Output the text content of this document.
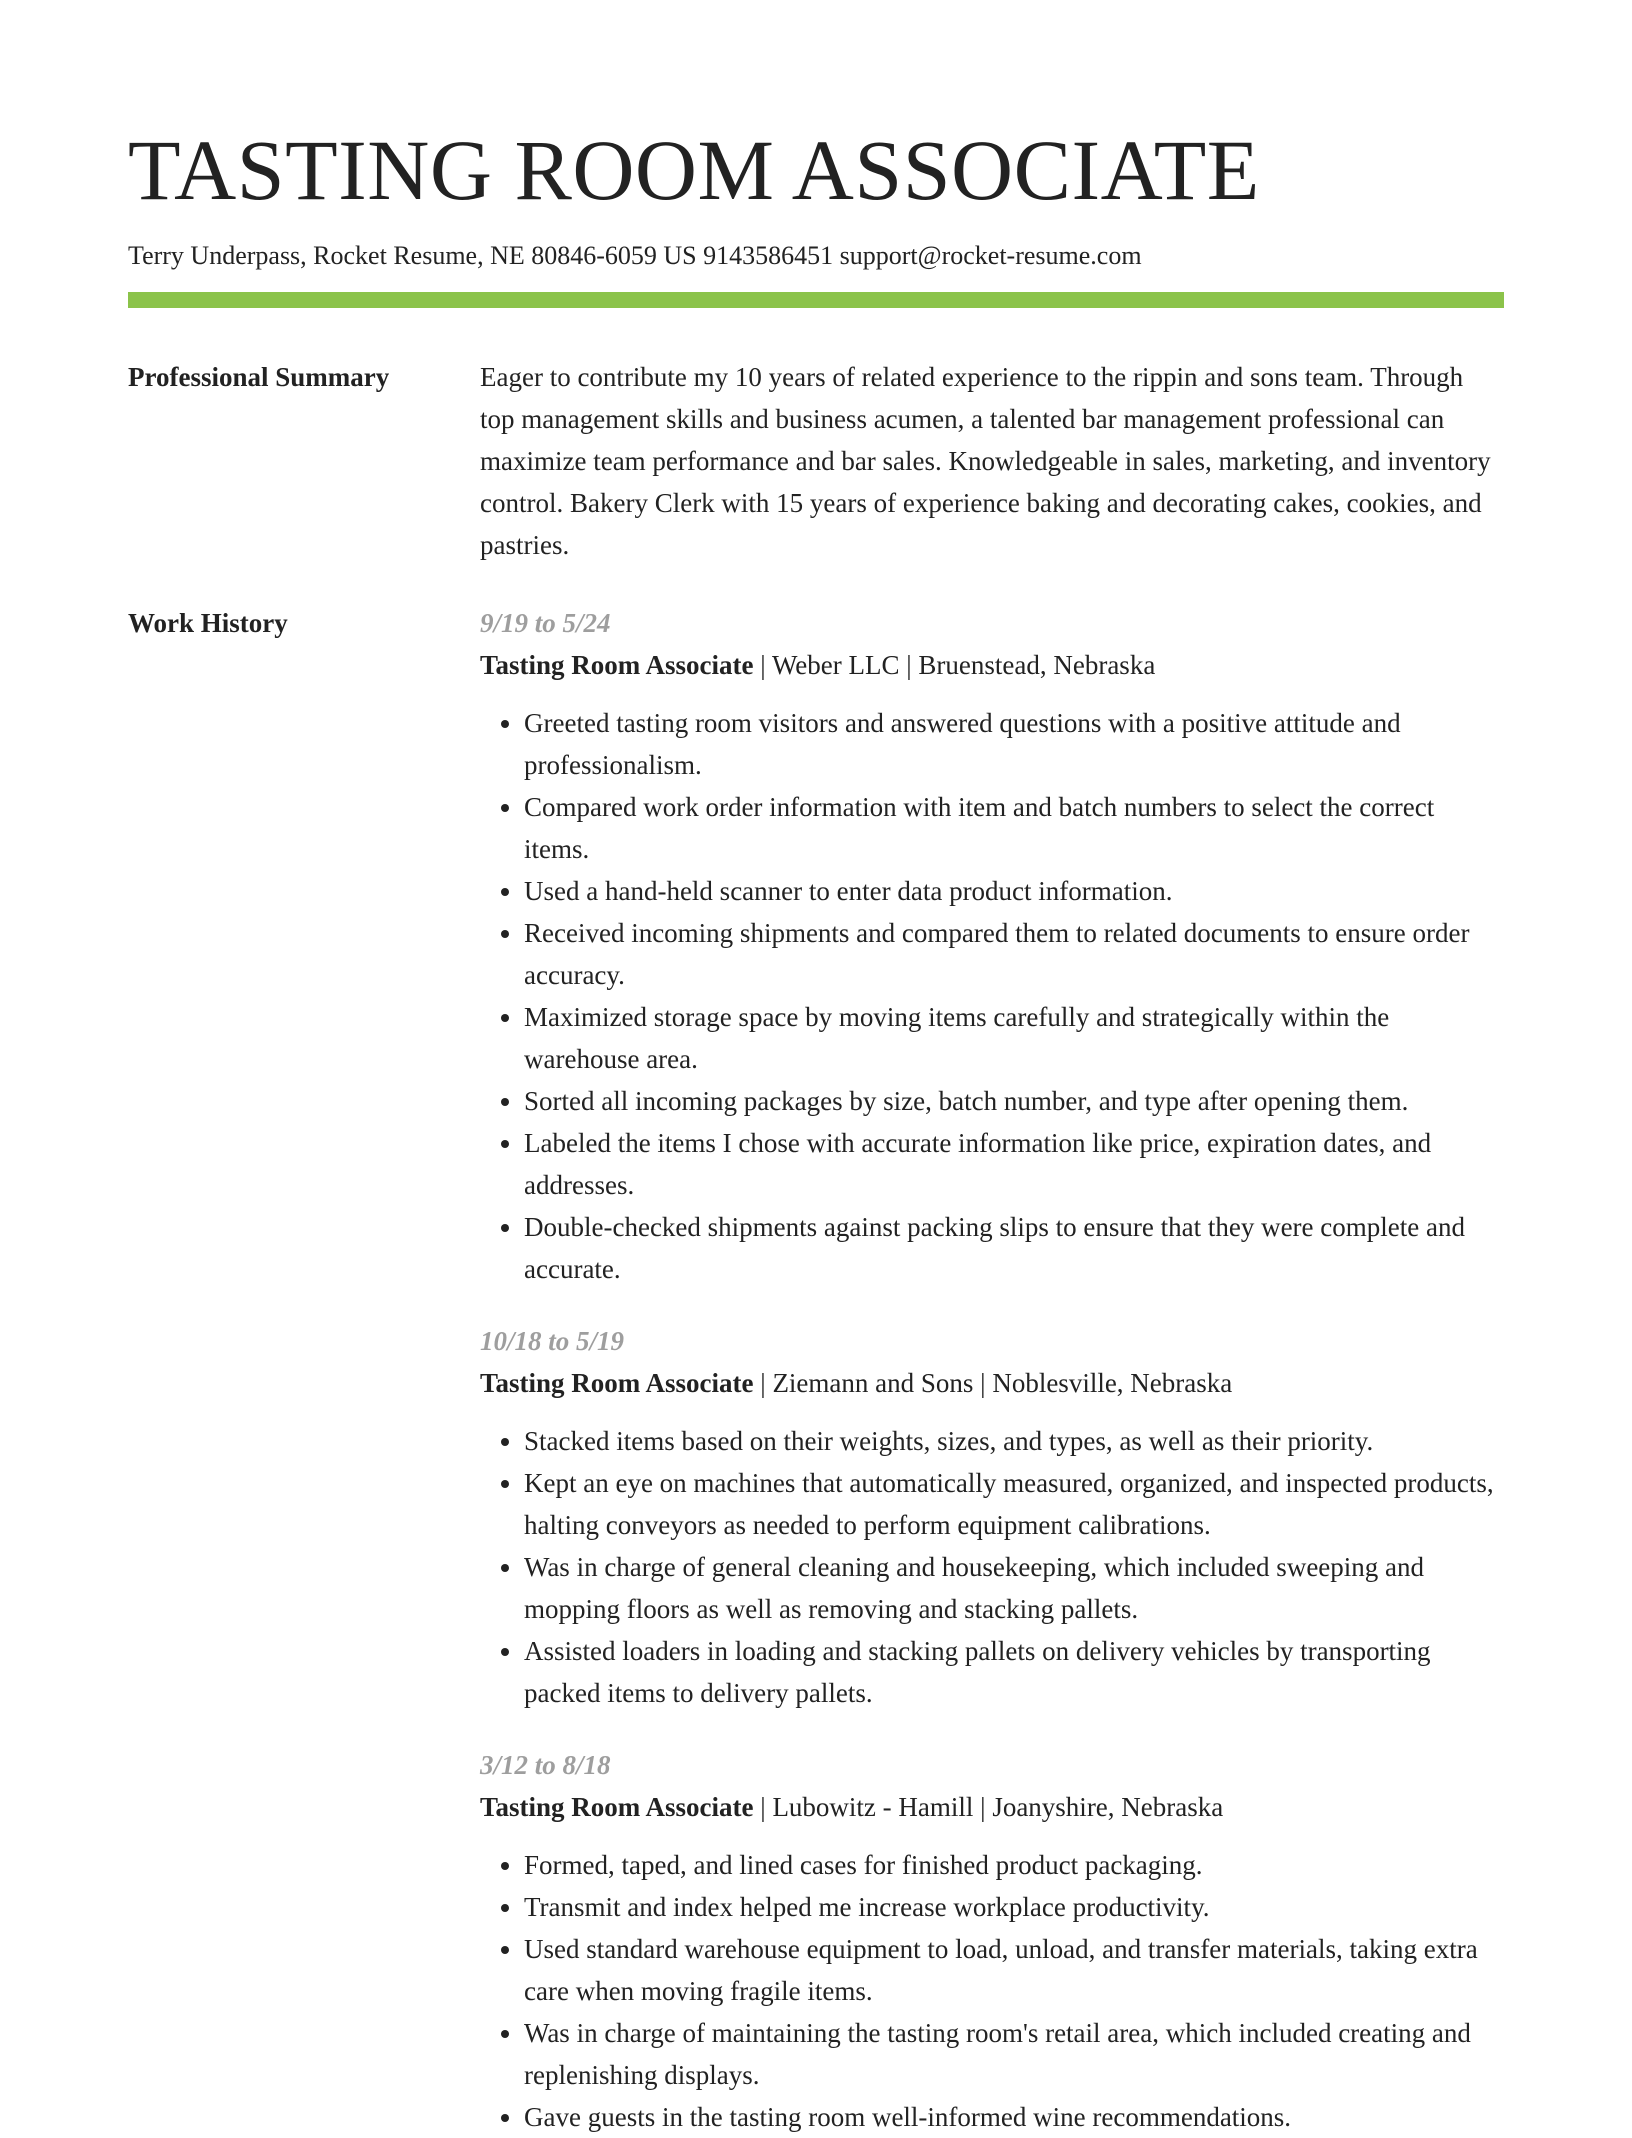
TASTING ROOM ASSOCIATE
Terry Underpass, Rocket Resume, NE 80846-6059 US 9143586451 support@rocket-resume.com
Professional Summary	Eager to contribute my 10 years of related experience to the rippin and sons team. Through top management skills and business acumen, a talented bar management professional can maximize team performance and bar sales. Knowledgeable in sales, marketing, and inventory control. Bakery Clerk with 15 years of experience baking and decorating cakes, cookies, and pastries.

Work History	9/19 to 5/24
Tasting Room Associate | Weber LLC | Bruenstead, Nebraska
• Greeted tasting room visitors and answered questions with a positive attitude and professionalism.
• Compared work order information with item and batch numbers to select the correct items.
• Used a hand-held scanner to enter data product information.
• Received incoming shipments and compared them to related documents to ensure order accuracy.
• Maximized storage space by moving items carefully and strategically within the warehouse area.
• Sorted all incoming packages by size, batch number, and type after opening them.
• Labeled the items I chose with accurate information like price, expiration dates, and addresses.
• Double-checked shipments against packing slips to ensure that they were complete and accurate.
10/18 to 5/19
Tasting Room Associate | Ziemann and Sons | Noblesville, Nebraska
• Stacked items based on their weights, sizes, and types, as well as their priority.
• Kept an eye on machines that automatically measured, organized, and inspected products, halting conveyors as needed to perform equipment calibrations.
• Was in charge of general cleaning and housekeeping, which included sweeping and mopping floors as well as removing and stacking pallets.
• Assisted loaders in loading and stacking pallets on delivery vehicles by transporting packed items to delivery pallets.
3/12 to 8/18
Tasting Room Associate | Lubowitz - Hamill | Joanyshire, Nebraska
• Formed, taped, and lined cases for finished product packaging.
• Transmit and index helped me increase workplace productivity.
• Used standard warehouse equipment to load, unload, and transfer materials, taking extra care when moving fragile items.
• Was in charge of maintaining the tasting room's retail area, which included creating and replenishing displays.
• Gave guests in the tasting room well-informed wine recommendations.
